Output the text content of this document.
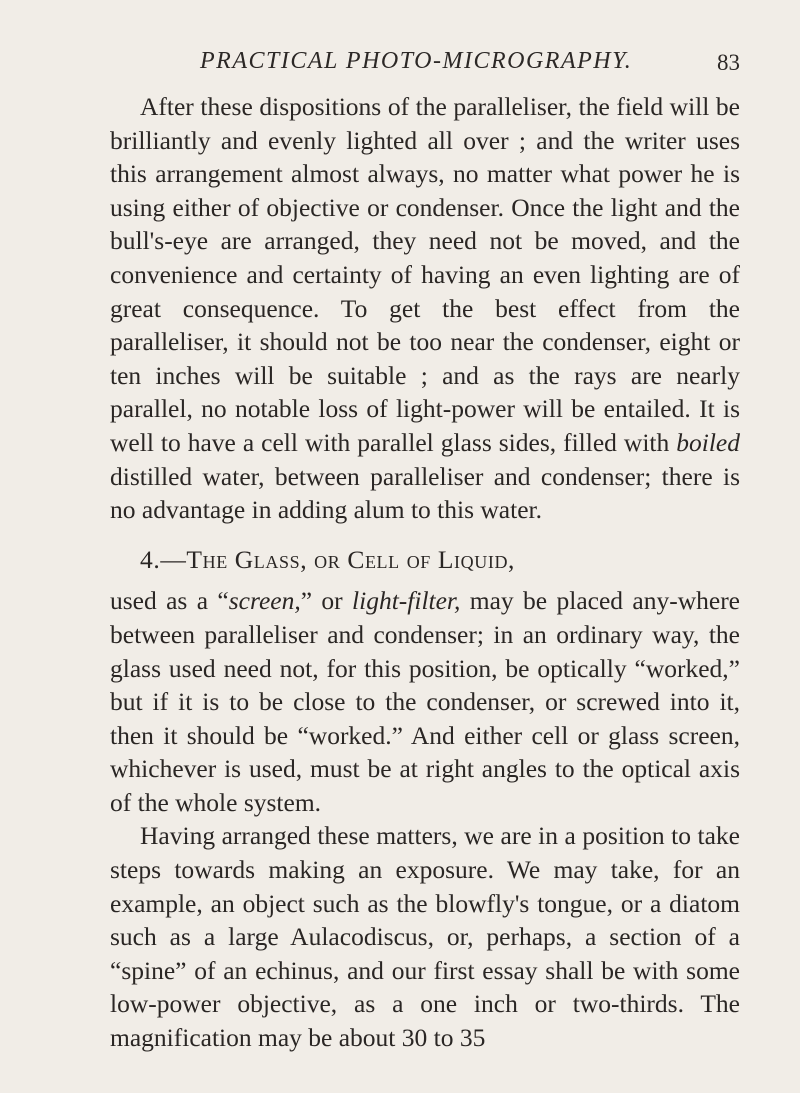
PRACTICAL PHOTO-MICROGRAPHY.	83

After these dispositions of the paralleliser, the field will be brilliantly and evenly lighted all over ; and the writer uses this arrangement almost always, no matter what power he is using either of objective or condenser. Once the light and the bull's-eye are arranged, they need not be moved, and the convenience and certainty of having an even lighting are of great consequence. To get the best effect from the paralleliser, it should not be too near the condenser, eight or ten inches will be suitable ; and as the rays are nearly parallel, no notable loss of light-power will be entailed. It is well to have a cell with parallel glass sides, filled with boiled distilled water, between paralleliser and condenser; there is no advantage in adding alum to this water.

4.—The Glass, or Cell of Liquid,

used as a “screen,” or light-filter, may be placed any-where between paralleliser and condenser; in an ordinary way, the glass used need not, for this position, be optically “worked,” but if it is to be close to the condenser, or screwed into it, then it should be “worked.” And either cell or glass screen, whichever is used, must be at right angles to the optical axis of the whole system.

Having arranged these matters, we are in a position to take steps towards making an exposure. We may take, for an example, an object such as the blowfly's tongue, or a diatom such as a large Aulacodiscus, or, perhaps, a section of a “spine” of an echinus, and our first essay shall be with some low-power objective, as a one inch or two-thirds. The magnification may be about 30 to 35
